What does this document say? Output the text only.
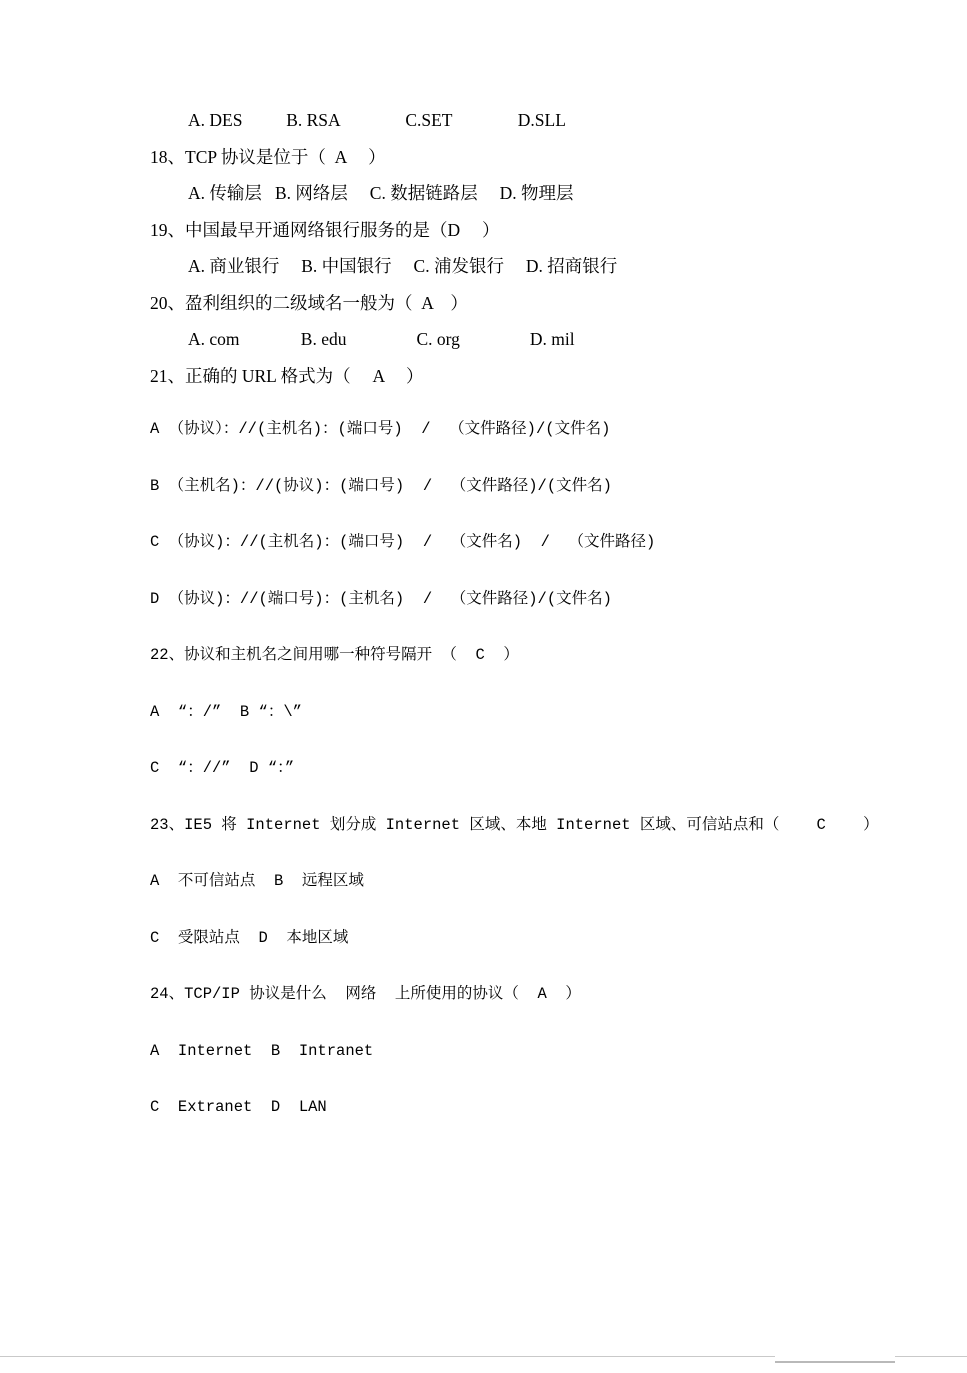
A. DES          B. RSA               C.SET               D.SLL

18、TCP 协议是位于（  A     ）

A. 传输层   B. 网络层     C. 数据链路层     D. 物理层

19、中国最早开通网络银行服务的是（D     ）

A. 商业银行     B. 中国银行     C. 浦发银行     D. 招商银行

20、盈利组织的二级域名一般为（  A    ）

A. com              B. edu                C. org                D. mil

21、正确的 URL 格式为（     A     ）

A （协议）：//(主机名)：(端口号)  /  （文件路径)/(文件名)

B （主机名)：//(协议)：(端口号)  /  （文件路径)/(文件名)

C （协议)：//(主机名)：(端口号)  /  （文件名)  /  （文件路径)

D （协议)：//(端口号)：(主机名)  /  （文件路径)/(文件名)

22、协议和主机名之间用哪一种符号隔开 （  C  ）

A  “：/”  B “：\”

C  “：//”  D “：”

23、IE5 将 Internet 划分成 Internet 区域、本地 Internet 区域、可信站点和（    C    ）

A  不可信站点  B  远程区域

C  受限站点  D  本地区域

24、TCP/IP 协议是什么  网络  上所使用的协议（  A  ）

A  Internet  B  Intranet

C  Extranet  D  LAN
